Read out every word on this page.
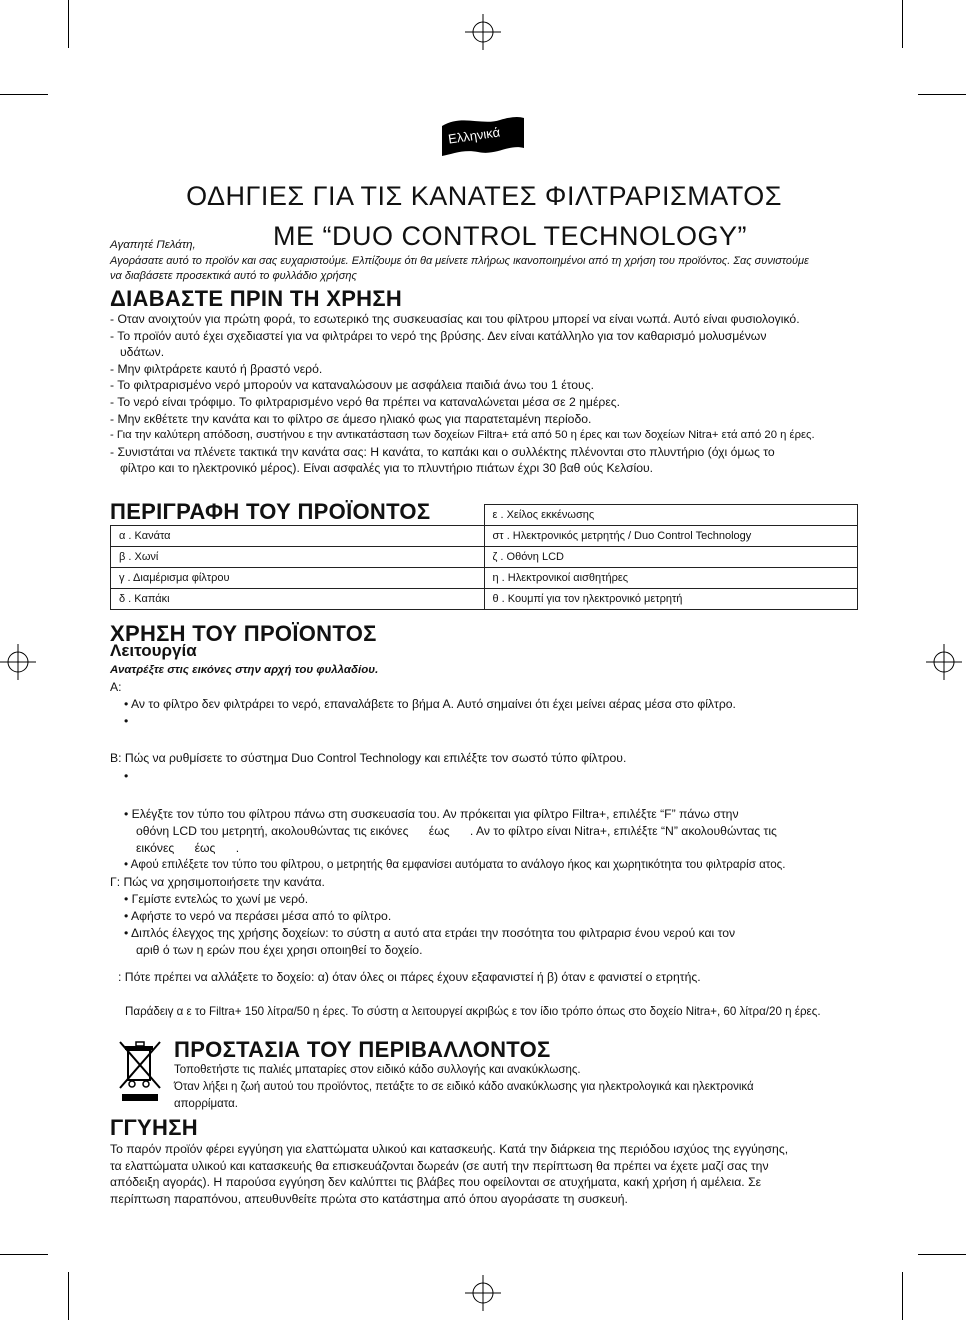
Ελληνικά
ΟΔΗΓΙΕΣ ΓΙΑ ΤΙΣ ΚΑΝΑΤΕΣ ΦΙΛΤΡΑΡΙΣΜΑΤΟΣ
ΜΕ “DUO CONTROL TECHNOLOGY”
Αγαπητέ Πελάτη,
Αγοράσατε αυτό το προϊόν και σας ευχαριστούμε. Ελπίζουμε ότι θα μείνετε πλήρως ικανοποιημένοι από τη χρήση του προϊόντος. Σας συνιστούμε
να διαβάσετε προσεκτικά αυτό το φυλλάδιο χρήσης
ΔΙΑΒΑΣΤΕ ΠΡΙΝ ΤΗ ΧΡΗΣΗ
- Οταν ανοιχτούν για πρώτη φορά, το εσωτερικό της συσκευασίας και του φίλτρου μπορεί να είναι νωπά. Αυτό είναι φυσιολογικό.
- Το προϊόν αυτό έχει σχεδιαστεί για να φιλτράρει το νερό της βρύσης. Δεν είναι κατάλληλο για τον καθαρισμό μολυσμένων
υδάτων.
- Μην φιλτράρετε καυτό ή βραστό νερό.
- Το φιλτραρισμένο νερό μπορούν να καταναλώσουν με ασφάλεια παιδιά άνω του 1 έτους.
- Το νερό είναι τρόφιμο. Το φιλτραρισμένο νερό θα πρέπει να καταναλώνεται μέσα σε 2 ημέρες.
- Μην εκθέτετε την κανάτα και το φίλτρο σε άμεσο ηλιακό φως για παρατεταμένη περίοδο.
- Για την καλύτερη απόδοση, συστήνου ε την αντικατάσταση των δοχείων Filtra+ ετά από 50 η έρες και των δοχείων Nitra+ ετά από 20 η έρες.
- Συνιστάται να πλένετε τακτικά την κανάτα σας: Η κανάτα, το καπάκι και ο συλλέκτης πλένονται στο πλυντήριο (όχι όμως το
φίλτρο και το ηλεκτρονικό μέρος). Είναι ασφαλές για το πλυντήριο πιάτων έχρι 30 βαθ ούς Κελσίου.
ΠΕΡΙΓΡΑΦΗ ΤΟΥ ΠΡΟΪΟΝΤΟΣ
		ε . Χείλος εκκένωσης
α . Κανάτα	στ . Ηλεκτρονικός μετρητής / Duo Control Technology
β . Χωνί	ζ . Οθόνη LCD
γ . Διαμέρισμα φίλτρου	η . Ηλεκτρονικοί αισθητήρες
δ . Καπάκι	θ . Κουμπί για τον ηλεκτρονικό μετρητή
ΧΡΗΣΗ ΤΟΥ ΠΡΟΪΟΝΤΟΣ
Λειτουργία
Ανατρέξτε στις εικόνες στην αρχή του φυλλαδίου.
Α:
• Αν το φίλτρο δεν φιλτράρει το νερό, επαναλάβετε το βήμα Α. Αυτό σημαίνει ότι έχει μείνει αέρας μέσα στο φίλτρο.
•
Β: Πώς να ρυθμίσετε το σύστημα Duo Control Technology και επιλέξτε τον σωστό τύπο φίλτρου.
•
• Ελέγξτε τον τύπο του φίλτρου πάνω στη συσκευασία του. Αν πρόκειται για φίλτρο Filtra+, επιλέξτε “F” πάνω στην
οθόνη LCD του μετρητή, ακολουθώντας τις εικόνες      έως      . Αν το φίλτρο είναι Nitra+, επιλέξτε “N” ακολουθώντας τις
εικόνες      έως      .
• Αφού επιλέξετε τον τύπο του φίλτρου, ο μετρητής θα εμφανίσει αυτόματα το ανάλογο ήκος και χωρητικότητα του φιλτραρίσ ατος.
Γ: Πώς να χρησιμοποιήσετε την κανάτα.
• Γεμίστε εντελώς το χωνί με νερό.
• Αφήστε το νερό να περάσει μέσα από το φίλτρο.
• Διπλός έλεγχος της χρήσης δοχείων: το σύστη α αυτό ατα ετράει την ποσότητα του φιλτραρισ ένου νερού και τον
αριθ ό των η ερών που έχει χρησι οποιηθεί το δοχείο.
: Πότε πρέπει να αλλάξετε το δοχείο: α) όταν όλες οι πάρες έχουν εξαφανιστεί ή β) όταν ε φανιστεί ο ετρητής.
Παράδειγ α ε το Filtra+ 150 λίτρα/50 η έρες. Το σύστη α λειτουργεί ακριβώς ε τον ίδιο τρόπο όπως στο δοχείο Nitra+, 60 λίτρα/20 η έρες.
ΠΡΟΣΤΑΣΙΑ ΤΟΥ ΠΕΡΙΒΑΛΛΟΝΤΟΣ
Τοποθετήστε τις παλιές μπαταρίες στον ειδικό κάδο συλλογής και ανακύκλωσης.
Όταν λήξει η ζωή αυτού του προϊόντος, πετάξτε το σε ειδικό κάδο ανακύκλωσης για ηλεκτρολογικά και ηλεκτρονικά
απορρίματα.
ΓΓΥΗΣΗ
Το παρόν προϊόν φέρει εγγύηση για ελαττώματα υλικού και κατασκευής. Κατά την διάρκεια της περιόδου ισχύος της εγγύησης,
τα ελαττώματα υλικού και κατασκευής θα επισκευάζονται δωρεάν (σε αυτή την περίπτωση θα πρέπει να έχετε μαζί σας την
απόδειξη αγοράς). Η παρούσα εγγύηση δεν καλύπτει τις βλάβες που οφείλονται σε ατυχήματα, κακή χρήση ή αμέλεια. Σε
περίπτωση παραπόνου, απευθυνθείτε πρώτα στο κατάστημα από όπου αγοράσατε τη συσκευή.
